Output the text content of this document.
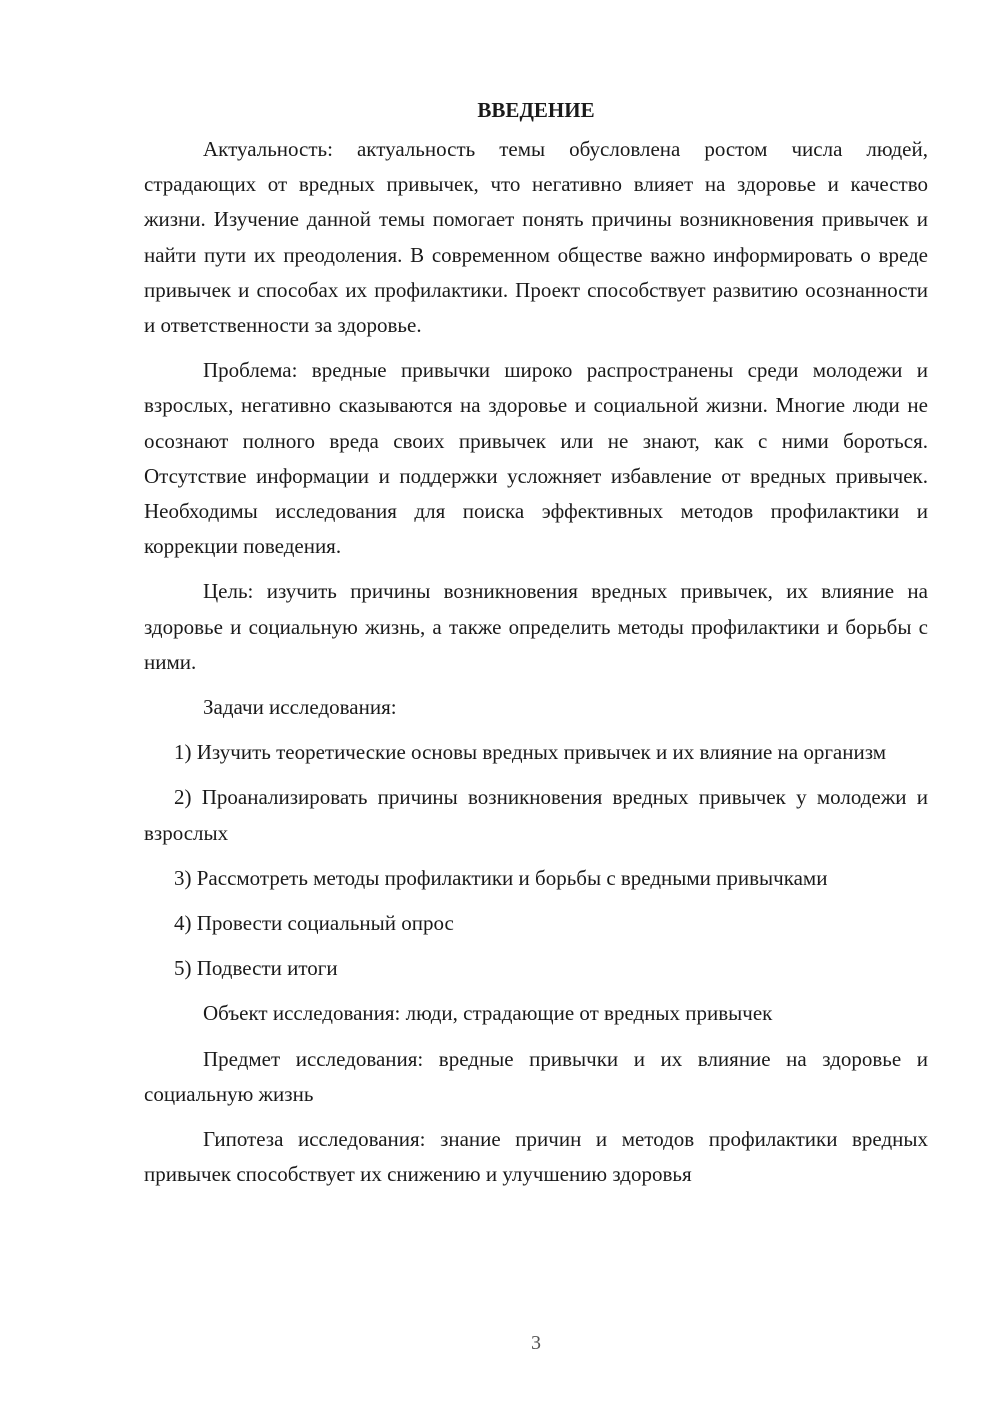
ВВЕДЕНИЕ

Актуальность: актуальность темы обусловлена ростом числа людей, страдающих от вредных привычек, что негативно влияет на здоровье и качество жизни. Изучение данной темы помогает понять причины возникновения привычек и найти пути их преодоления. В современном обществе важно информировать о вреде привычек и способах их профилактики. Проект способствует развитию осознанности и ответственности за здоровье.

Проблема: вредные привычки широко распространены среди молодежи и взрослых, негативно сказываются на здоровье и социальной жизни. Многие люди не осознают полного вреда своих привычек или не знают, как с ними бороться. Отсутствие информации и поддержки усложняет избавление от вредных привычек. Необходимы исследования для поиска эффективных методов профилактики и коррекции поведения.

Цель: изучить причины возникновения вредных привычек, их влияние на здоровье и социальную жизнь, а также определить методы профилактики и борьбы с ними.

Задачи исследования:

1) Изучить теоретические основы вредных привычек и их влияние на организм

2) Проанализировать причины возникновения вредных привычек у молодежи и взрослых

3) Рассмотреть методы профилактики и борьбы с вредными привычками

4) Провести социальный опрос

5) Подвести итоги

Объект исследования: люди, страдающие от вредных привычек

Предмет исследования: вредные привычки и их влияние на здоровье и социальную жизнь

Гипотеза исследования: знание причин и методов профилактики вредных привычек способствует их снижению и улучшению здоровья

3
